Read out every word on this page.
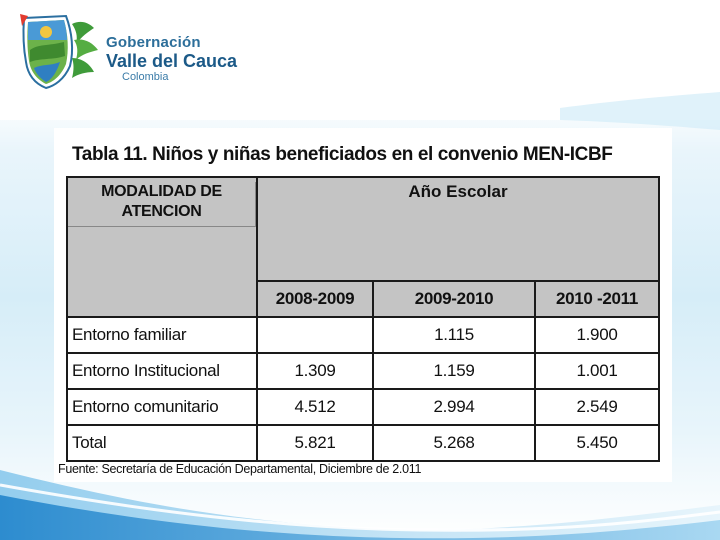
Gobernación
Valle del Cauca
Colombia
Tabla 11. Niños y niñas beneficiados en el convenio MEN-ICBF
MODALIDAD DE ATENCION	Año Escolar		
	2008-2009	2009-2010	2010 -2011
Entorno familiar		1.115	1.900
Entorno Institucional	1.309	1.159	1.001
Entorno comunitario	4.512	2.994	2.549
Total	5.821	5.268	5.450
Fuente: Secretaría de Educación Departamental, Diciembre de 2.011
